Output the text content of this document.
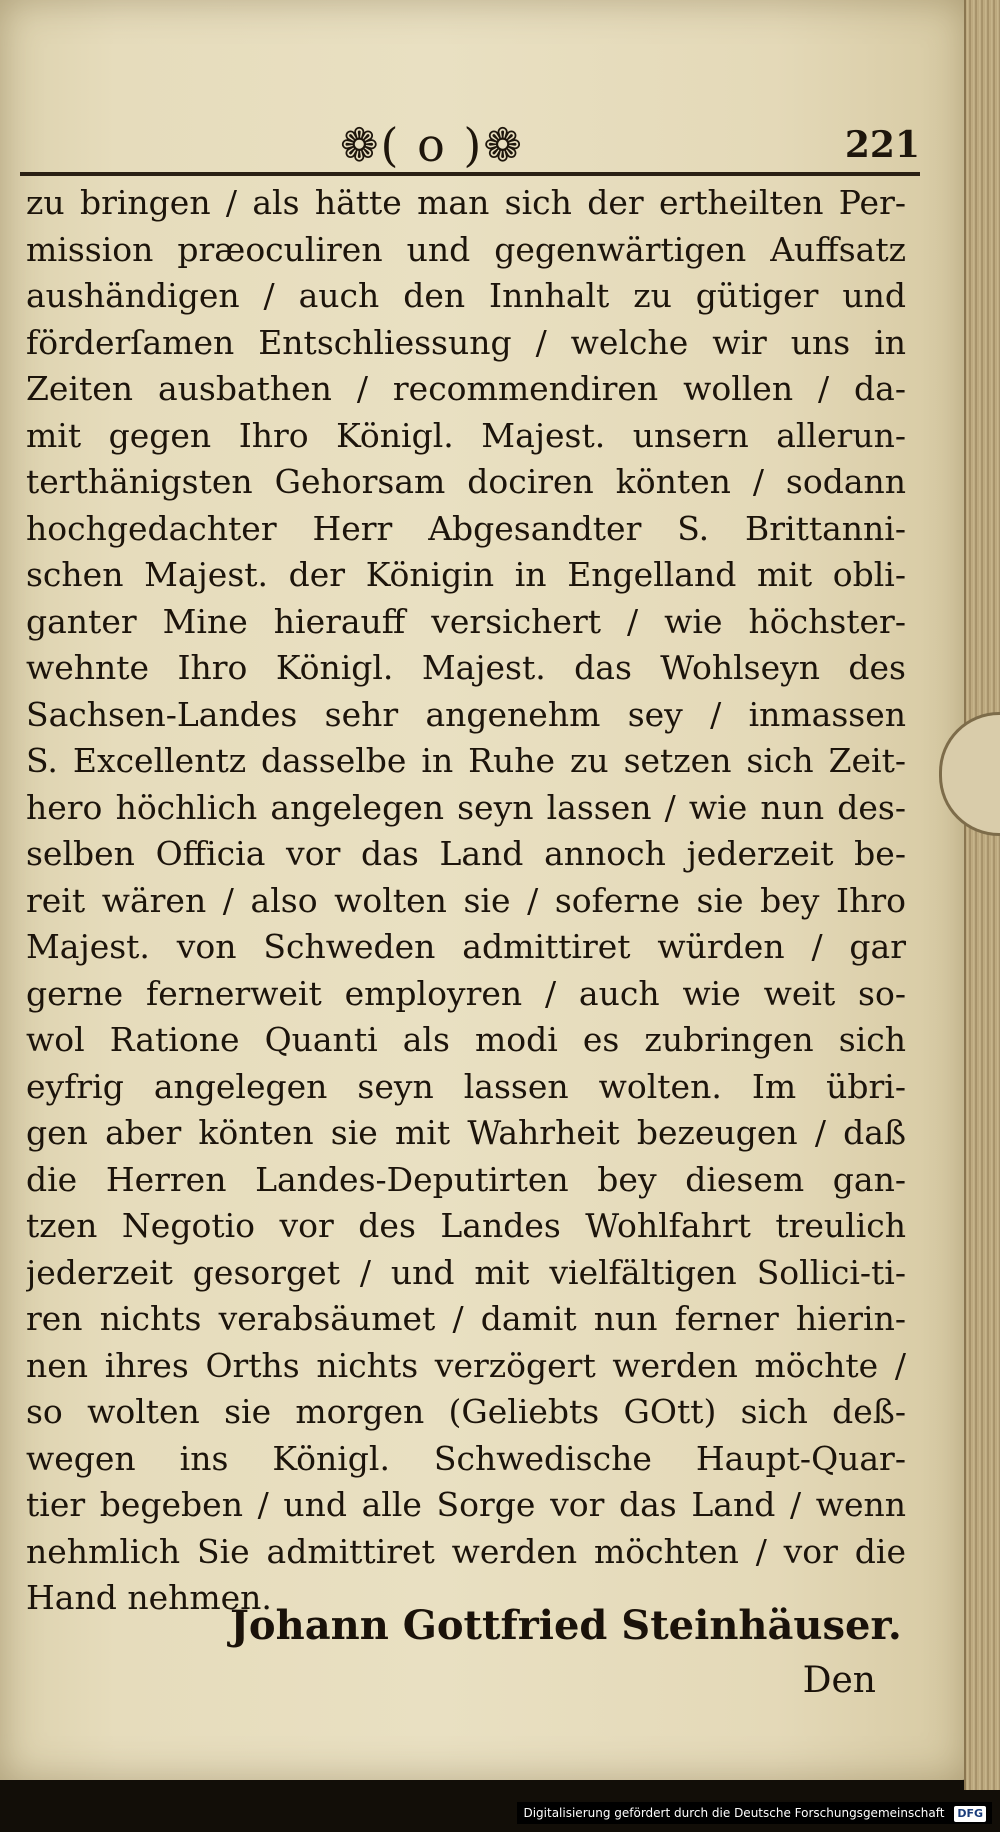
❁( o )❁	221
zu bringen / als hätte man sich der ertheilten Per-
mission præoculiren und gegenwärtigen Auffsatz
aushändigen / auch den Innhalt zu gütiger und
förderſamen Entschliessung / welche wir uns in
Zeiten ausbathen / recommendiren wollen / da-
mit gegen Ihro Königl. Majest. unsern allerun-
terthänigsten Gehorsam dociren könten / sodann
hochgedachter Herr Abgesandter S. Brittanni-
schen Majest. der Königin in Engelland mit obli-
ganter Mine hierauff versichert / wie höchster-
wehnte Ihro Königl. Majest. das Wohlseyn des
Sachsen-Landes sehr angenehm sey / inmassen
S. Excellentz dasselbe in Ruhe zu setzen sich Zeit-
hero höchlich angelegen seyn lassen / wie nun des-
selben Officia vor das Land annoch jederzeit be-
reit wären / also wolten sie / soferne sie bey Ihro
Majest. von Schweden admittiret würden / gar
gerne fernerweit employren / auch wie weit so-
wol Ratione Quanti als modi es zubringen sich
eyfrig angelegen seyn lassen wolten. Im übri-
gen aber könten sie mit Wahrheit bezeugen / daß
die Herren Landes-Deputirten bey diesem gan-
tzen Negotio vor des Landes Wohlfahrt treulich
jederzeit gesorget / und mit vielfältigen Sollici-ti-
ren nichts verabsäumet / damit nun ferner hierin-
nen ihres Orths nichts verzögert werden möchte /
so wolten sie morgen (Geliebts GOtt) sich deß-
wegen ins Königl. Schwedische Haupt-Quar-
tier begeben / und alle Sorge vor das Land / wenn
nehmlich Sie admittiret werden möchten / vor die
Hand nehmen.
Johann Gottfried Steinhäuser.
Den
Digitalisierung gefördert durch die Deutsche Forschungsgemeinschaft DFG
